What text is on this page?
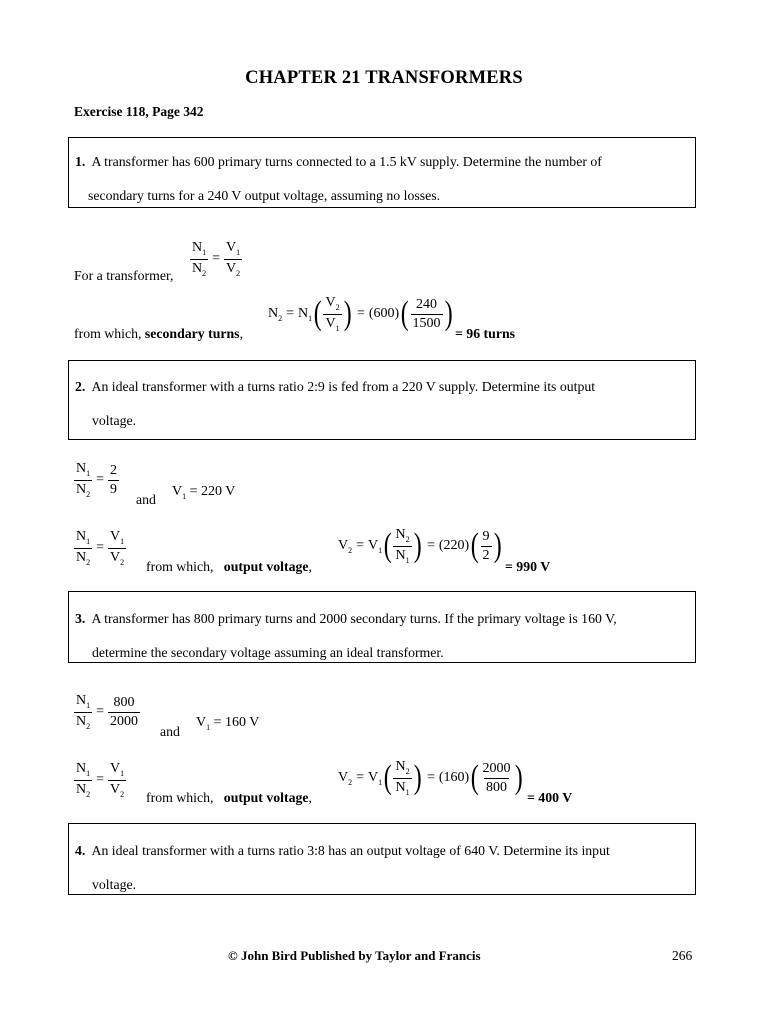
CHAPTER 21 TRANSFORMERS
Exercise 118, Page 342
1. A transformer has 600 primary turns connected to a 1.5 kV supply. Determine the number of
secondary turns for a 240 V output voltage, assuming no losses.
$\frac{N_1}{N_2} = \frac{V_1}{V_2}$
For a transformer,
$N_2 = N_1$ ( $\frac{V_2}{V_1}$ ) = (600) ( $\frac{240}{1500}$ )
from which, secondary turns,	= 96 turns
2. An ideal transformer with a turns ratio 2:9 is fed from a 220 V supply. Determine its output
voltage.
$\frac{N_1}{N_2} = \frac{2}{9}$
and
$V_1$
= 220 V
$\frac{N_1}{N_2} = \frac{V_1}{V_2}$ from which, output voltage,
$V_2 = V_1$ ( $\frac{N_2}{N_1}$ ) = (220) ( $\frac{9}{2}$ )
= 990 V
3. A transformer has 800 primary turns and 2000 secondary turns. If the primary voltage is 160 V,
determine the secondary voltage assuming an ideal transformer.
$\frac{N_1}{N_2} = \frac{800}{2000}$
and
$V_1$
= 160 V
$\frac{N_1}{N_2} = \frac{V_1}{V_2}$ from which, output voltage,
$V_2 = V_1$ ( $\frac{N_2}{N_1}$ ) = (160) ( $\frac{2000}{800}$ )
= 400 V
4. An ideal transformer with a turns ratio 3:8 has an output voltage of 640 V. Determine its input
voltage.
© John Bird Published by Taylor and Francis	266
